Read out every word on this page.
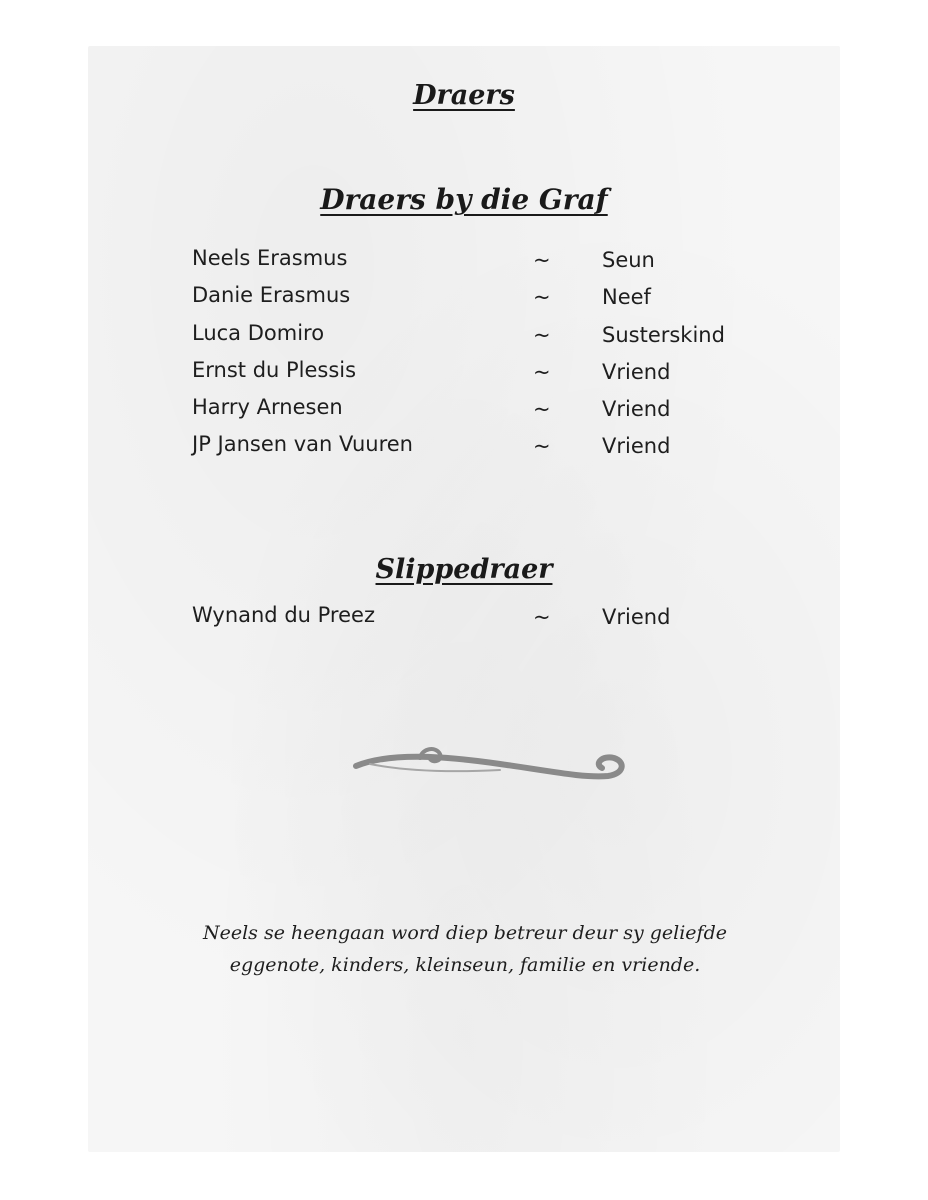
Draers
Draers by die Graf
Neels Erasmus	~ Seun
Danie Erasmus	~ Neef
Luca Domiro	~ Susterskind
Ernst du Plessis	~ Vriend
Harry Arnesen	~ Vriend
JP Jansen van Vuuren	~ Vriend
Slippedraer
Wynand du Preez	~ Vriend

Neels se heengaan word diep betreur deur sy geliefde
eggenote, kinders, kleinseun, familie en vriende.
